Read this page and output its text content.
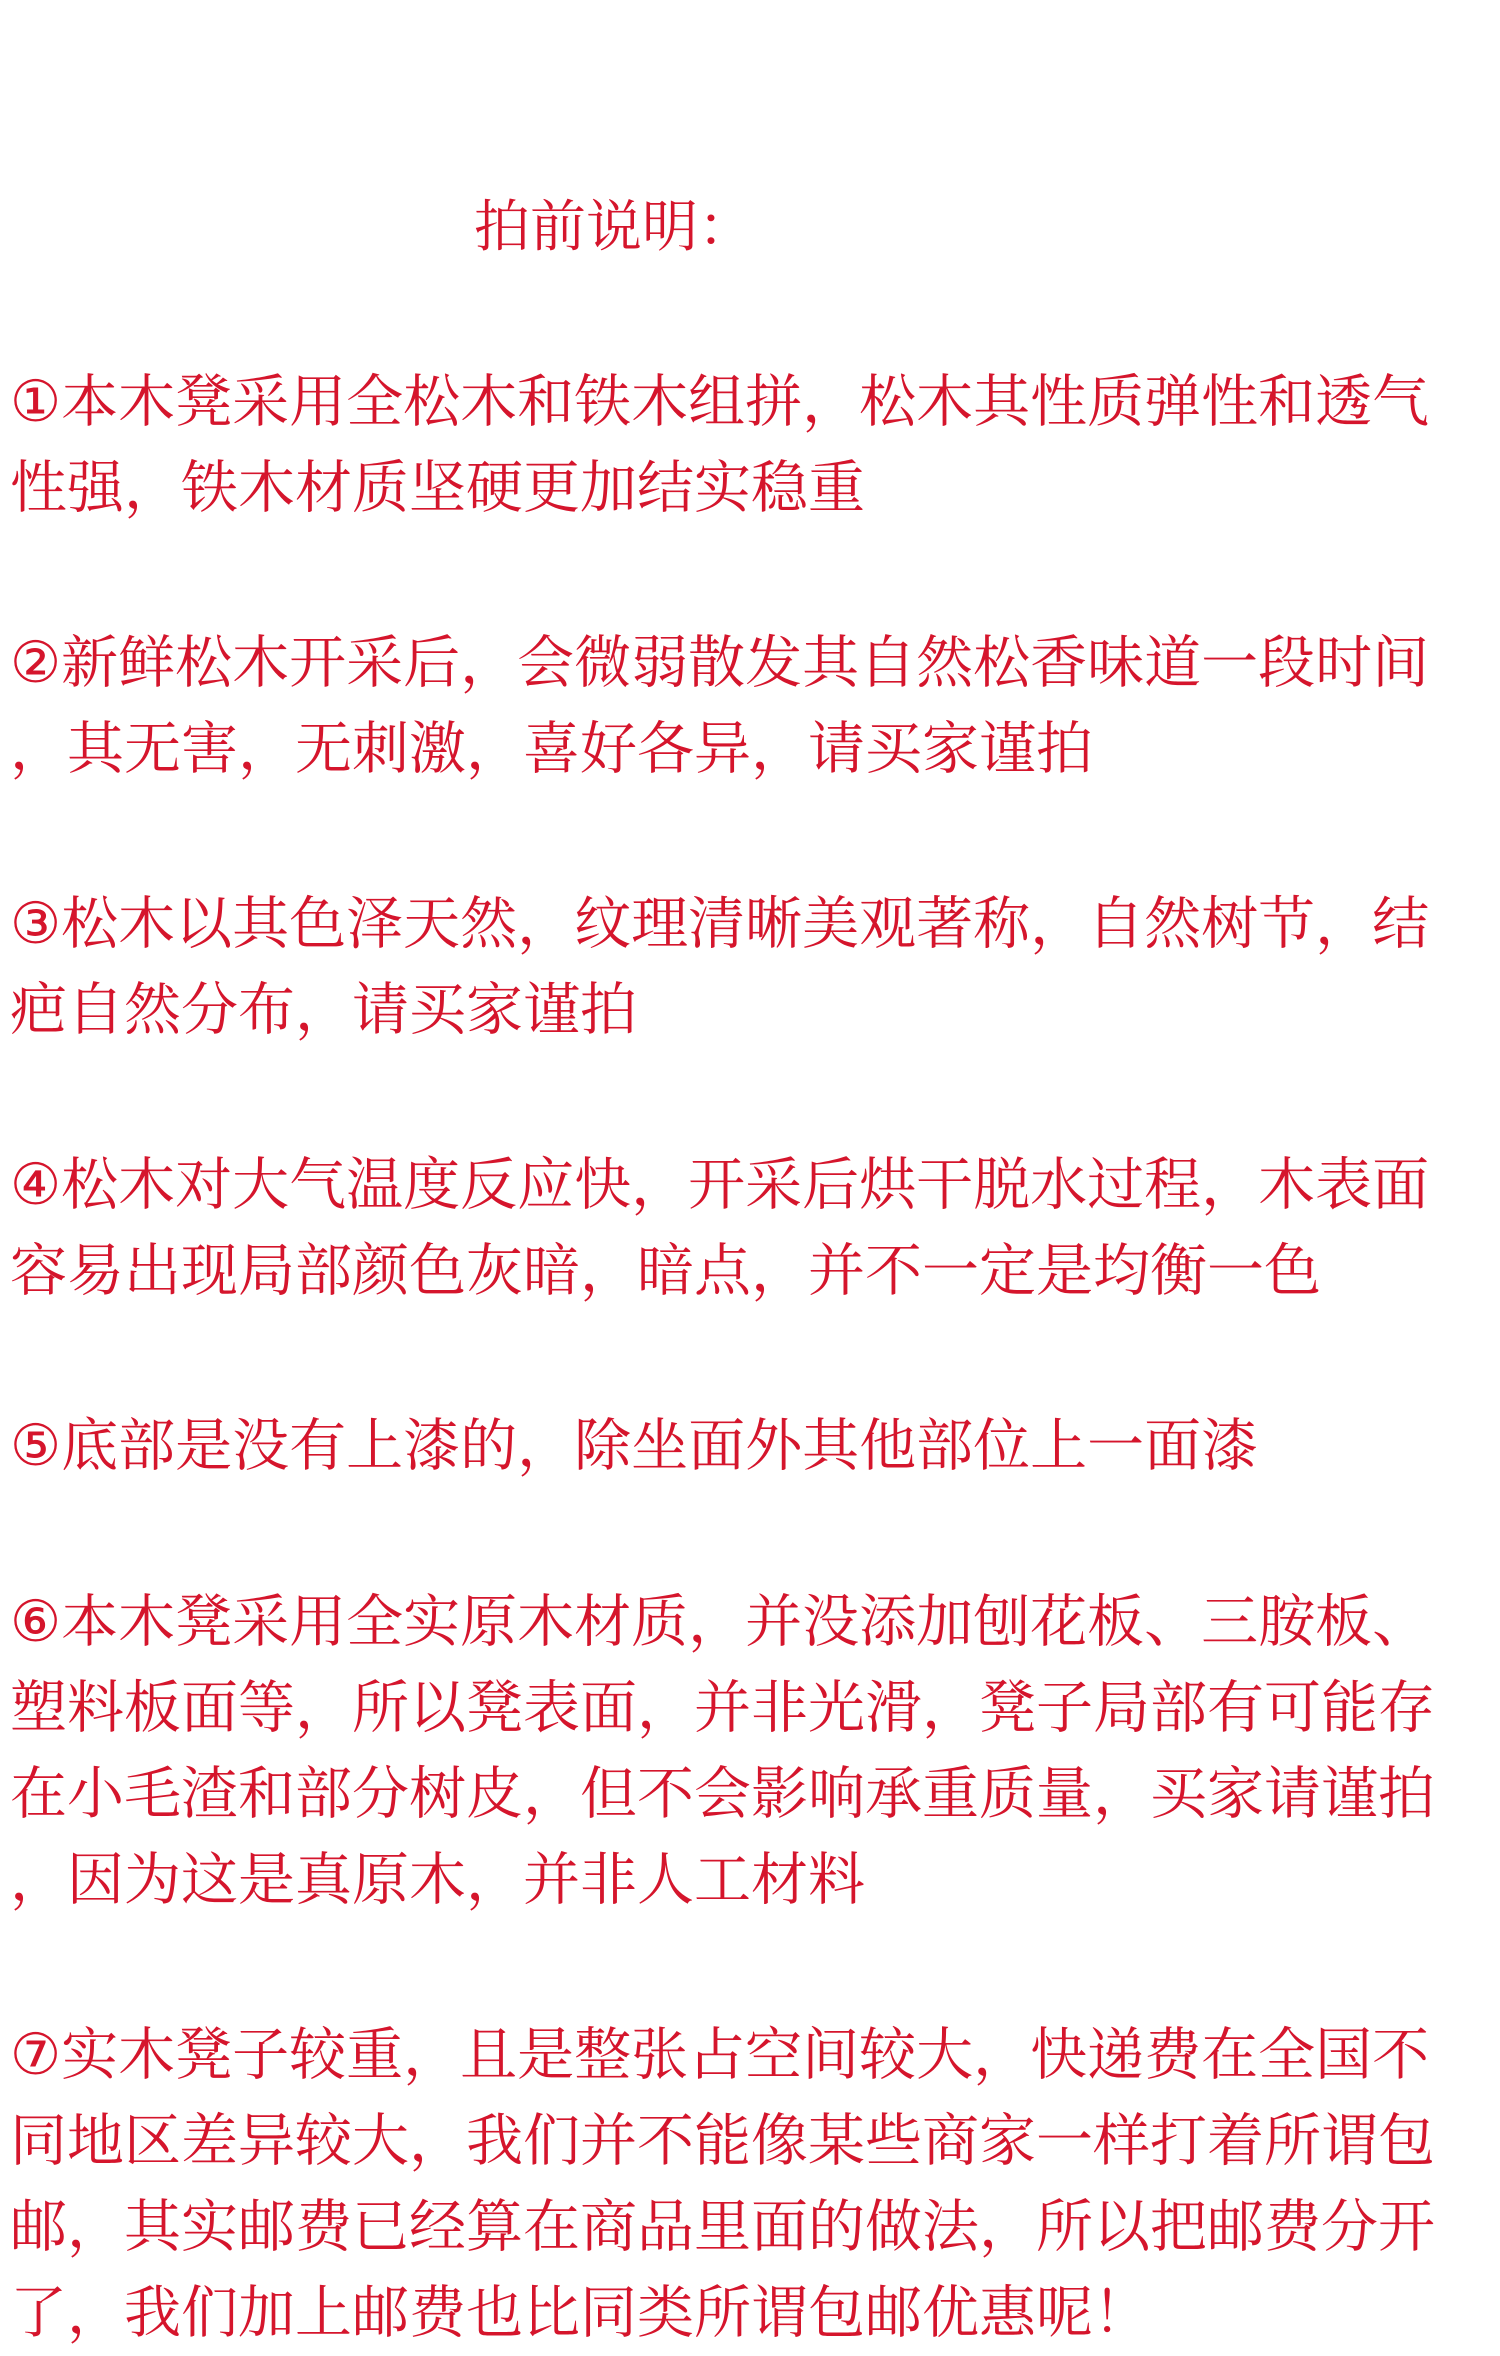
拍前说明：
①本木凳采用全松木和铁木组拼，松木其性质弹性和透气
性强，铁木材质坚硬更加结实稳重
②新鲜松木开采后，会微弱散发其自然松香味道一段时间
，其无害，无刺激，喜好各异，请买家谨拍
③松木以其色泽天然，纹理清晰美观著称，自然树节，结
疤自然分布，请买家谨拍
④松木对大气温度反应快，开采后烘干脱水过程，木表面
容易出现局部颜色灰暗，暗点，并不一定是均衡一色
⑤底部是没有上漆的，除坐面外其他部位上一面漆
⑥本木凳采用全实原木材质，并没添加刨花板、三胺板、
塑料板面等，所以凳表面，并非光滑，凳子局部有可能存
在小毛渣和部分树皮，但不会影响承重质量，买家请谨拍
，因为这是真原木，并非人工材料
⑦实木凳子较重，且是整张占空间较大，快递费在全国不
同地区差异较大，我们并不能像某些商家一样打着所谓包
邮，其实邮费已经算在商品里面的做法，所以把邮费分开
了，我们加上邮费也比同类所谓包邮优惠呢！
